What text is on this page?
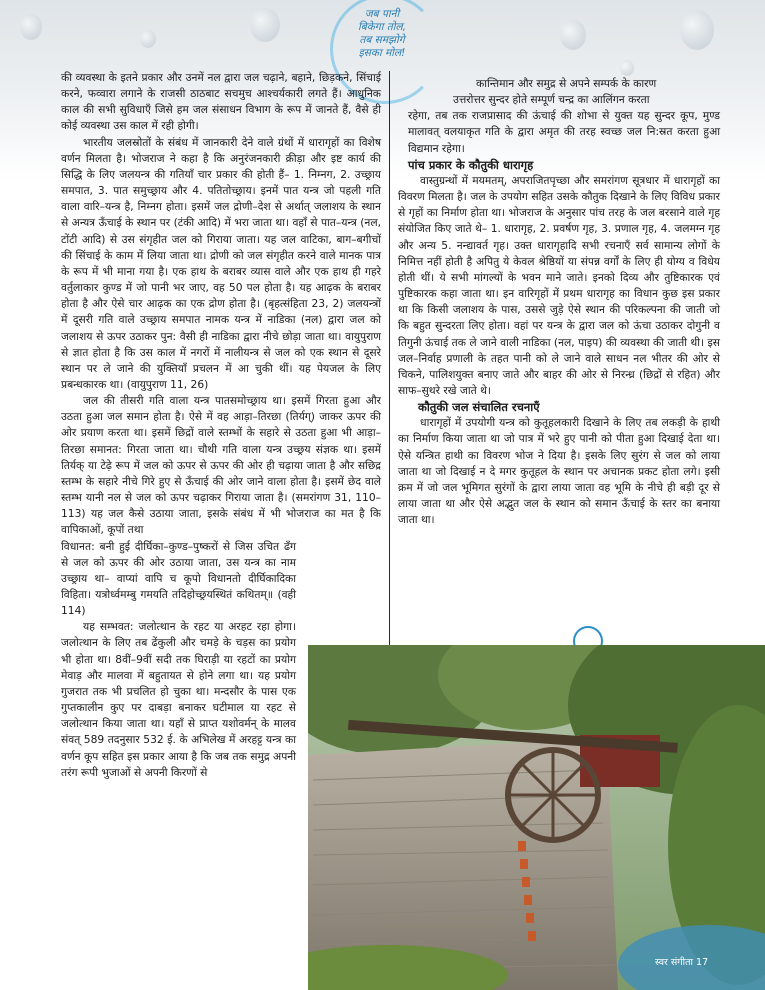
जब पानी
बिकेगा तोल,
तब समझोगे
इसका मोल!

की व्यवस्था के इतने प्रकार और उनमें नल द्वारा जल चढ़ाने, बहाने, छिड़कने, सिंचाई करने, फव्वारा लगाने के राजसी ठाठबाट सचमुच आश्चर्यकारी लगते हैं। आधुनिक काल की सभी सुविधाएँ जिसे हम जल संसाधन विभाग के रूप में जानते हैं, वैसे ही कोई व्यवस्था उस काल में रही होगी।

भारतीय जलस्रोतों के संबंध में जानकारी देने वाले ग्रंथों में धारागृहों का विशेष वर्णन मिलता है। भोजराज ने कहा है कि अनुरंजनकारी क्रीड़ा और इष्ट कार्य की सिद्धि के लिए जलयन्त्र की गतियाँ चार प्रकार की होती हैं– 1. निम्नग, 2. उच्छ्राय समपात, 3. पात समुच्छ्राय और 4. पतितोच्छ्राय। इनमें पात यन्त्र जो पहली गति वाला वारि–यन्त्र है, निम्नग होता। इसमें जल द्रोणी–देश से अर्थात् जलाशय के स्थान से अन्यत्र ऊँचाई के स्थान पर (टंकी आदि) में भरा जाता था। वहाँ से पात–यन्त्र (नल, टोंटी आदि) से उस संगृहीत जल को गिराया जाता। यह जल वाटिका, बाग–बगीचों की सिंचाई के काम में लिया जाता था। द्रोणी को जल संगृहीत करने वाले मानक पात्र के रूप में भी माना गया है। एक हाथ के बराबर व्यास वाले और एक हाथ ही गहरे वर्तुलाकार कुण्ड में जो पानी भर जाए, वह 50 पल होता है। यह आढ़क के बराबर होता है और ऐसे चार आढ़क का एक द्रोण होता है। (बृहत्संहिता 23, 2) जलयन्त्रों में दूसरी गति वाले उच्छ्राय समपात नामक यन्त्र में नाडिका (नल) द्वारा जल को जलाशय से ऊपर उठाकर पुन: वैसी ही नाडिका द्वारा नीचे छोड़ा जाता था। वायुपुराण से ज्ञात होता है कि उस काल में नगरों में नालीयन्त्र से जल को एक स्थान से दूसरे स्थान पर ले जाने की युक्तियाँ प्रचलन में आ चुकी थीं। यह पेयजल के लिए प्रबन्धकारक था। (वायुपुराण 11, 26)

जल की तीसरी गति वाला यन्त्र पातसमोच्छ्राय था। इसमें गिरता हुआ और उठता हुआ जल समान होता है। ऐसे में वह आड़ा–तिरछा (तिर्यग्) जाकर ऊपर की ओर प्रयाण करता था। इसमें छिद्रों वाले स्तम्भों के सहारे से उठता हुआ भी आड़ा–तिरछा समानत: गिरता जाता था। चौथी गति वाला यन्त्र उच्छ्रय संज्ञक था। इसमें तिर्यक् या टेढ़े रूप में जल को ऊपर से ऊपर की ओर ही चढ़ाया जाता है और सछिद्र स्तम्भ के सहारे नीचे गिरे हुए से ऊँचाई की ओर जाने वाला होता है। इसमें छेद वाले स्तम्भ यानी नल से जल को ऊपर चढ़ाकर गिराया जाता है। (समरांगण 31, 110–113) यह जल कैसे उठाया जाता, इसके संबंध में भी भोजराज का मत है कि वापिकाओं, कूपों तथा

विधानत: बनी हुई दीर्घिका–कुण्ड–पुष्करों से जिस उचित ढँग से जल को ऊपर की ओर उठाया जाता, उस यन्त्र का नाम उच्छ्राय था– वाप्यां वापि च कूपो विधानतो दीर्घिकादिका विहिता। यत्रोर्ध्वमम्बु गमयति तदिहोच्छ्रयस्थितं कथितम्॥ (वही 114)

यह सम्भवत: जलोत्थान के रहट या अरहट रहा होगा। जलोत्थान के लिए तब ढेंकुली और चमड़े के चड़स का प्रयोग भी होता था। 8वीं–9वीं सदी तक घिराड़ी या रहटों का प्रयोग मेवाड़ और मालवा में बहुतायत से होने लगा था। यह प्रयोग गुजरात तक भी प्रचलित हो चुका था। मन्दसौर के पास एक गुप्तकालीन कुए पर दाबड़ा बनाकर घटीमाल या रहट से जलोत्थान किया जाता था। यहाँ से प्राप्त यशोवर्मन् के मालव संवत् 589 तदनुसार 532 ई. के अभिलेख में अरहट्ट यन्त्र का वर्णन कूप सहित इस प्रकार आया है कि जब तक समुद्र अपनी तरंग रूपी भुजाओं से अपनी किरणों से

कान्तिमान और समुद्र से अपने सम्पर्क के कारण

उत्तरोत्तर सुन्दर होते सम्पूर्ण चन्द्र का आलिंगन करता

रहेगा, तब तक राजप्रासाद की ऊंचाई की शोभा से युक्त यह सुन्दर कूप, मुण्ड मालावत् वलयाकृत गति के द्वारा अमृत की तरह स्वच्छ जल नि:स्रत करता हुआ विद्यमान रहेगा।

पांच प्रकार के कौतुकी धारागृह

वास्तुग्रन्थों में मयमतम्, अपराजितपृच्छा और समरांगण सूत्रधार में धारागृहों का विवरण मिलता है। जल के उपयोग सहित उसके कौतुक दिखाने के लिए विविध प्रकार से गृहों का निर्माण होता था। भोजराज के अनुसार पांच तरह के जल बरसाने वाले गृह संयोजित किए जाते थे– 1. धारागृह, 2. प्रवर्षण गृह, 3. प्रणाल गृह, 4. जलमग्न गृह और अन्य 5. नन्द्यावर्त गृह। उक्त धारागृहादि सभी रचनाएँ सर्व सामान्य लोगों के निमित्त नहीं होती है अपितु ये केवल श्रेष्ठियों या संपन्न वर्गों के लिए ही योग्य व विधेय होती थीं। ये सभी मांगल्यों के भवन माने जाते। इनको दिव्य और तुष्टिकारक एवं पुष्टिकारक कहा जाता था। इन वारिगृहों में प्रथम धारागृह का विधान कुछ इस प्रकार था कि किसी जलाशय के पास, उससे जुड़े ऐसे स्थान की परिकल्पना की जाती जो कि बहुत सुन्दरता लिए होता। वहां पर यन्त्र के द्वारा जल को ऊंचा उठाकर दोगुनी व तिगुनी ऊंचाई तक ले जाने वाली नाडिका (नल, पाइप) की व्यवस्था की जाती थी। इस जल–निर्वाह प्रणाली के तहत पानी को ले जाने वाले साधन नल भीतर की ओर से चिकने, पालिशयुक्त बनाए जाते और बाहर की ओर से निरन्ध्र (छिद्रों से रहित) और साफ–सुथरे रखे जाते थे।

कौतुकी जल संचालित रचनाएँ

धारागृहों में उपयोगी यन्त्र को कुतूहलकारी दिखाने के लिए तब लकड़ी के हाथी का निर्माण किया जाता था जो पात्र में भरे हुए पानी को पीता हुआ दिखाई देता था। ऐसे यन्त्रित हाथी का विवरण भोज ने दिया है। इसके लिए सुरंग से जल को लाया जाता था जो दिखाई न दे मगर कुतूहल के स्थान पर अचानक प्रकट होता लगे। इसी क्रम में जो जल भूमिगत सुरंगों के द्वारा लाया जाता वह भूमि के नीचे ही बड़ी दूर से लाया जाता था और ऐसे अद्भुत जल के स्थान को समान ऊँचाई के स्तर का बनाया जाता था।

स्वर संगीता 17
